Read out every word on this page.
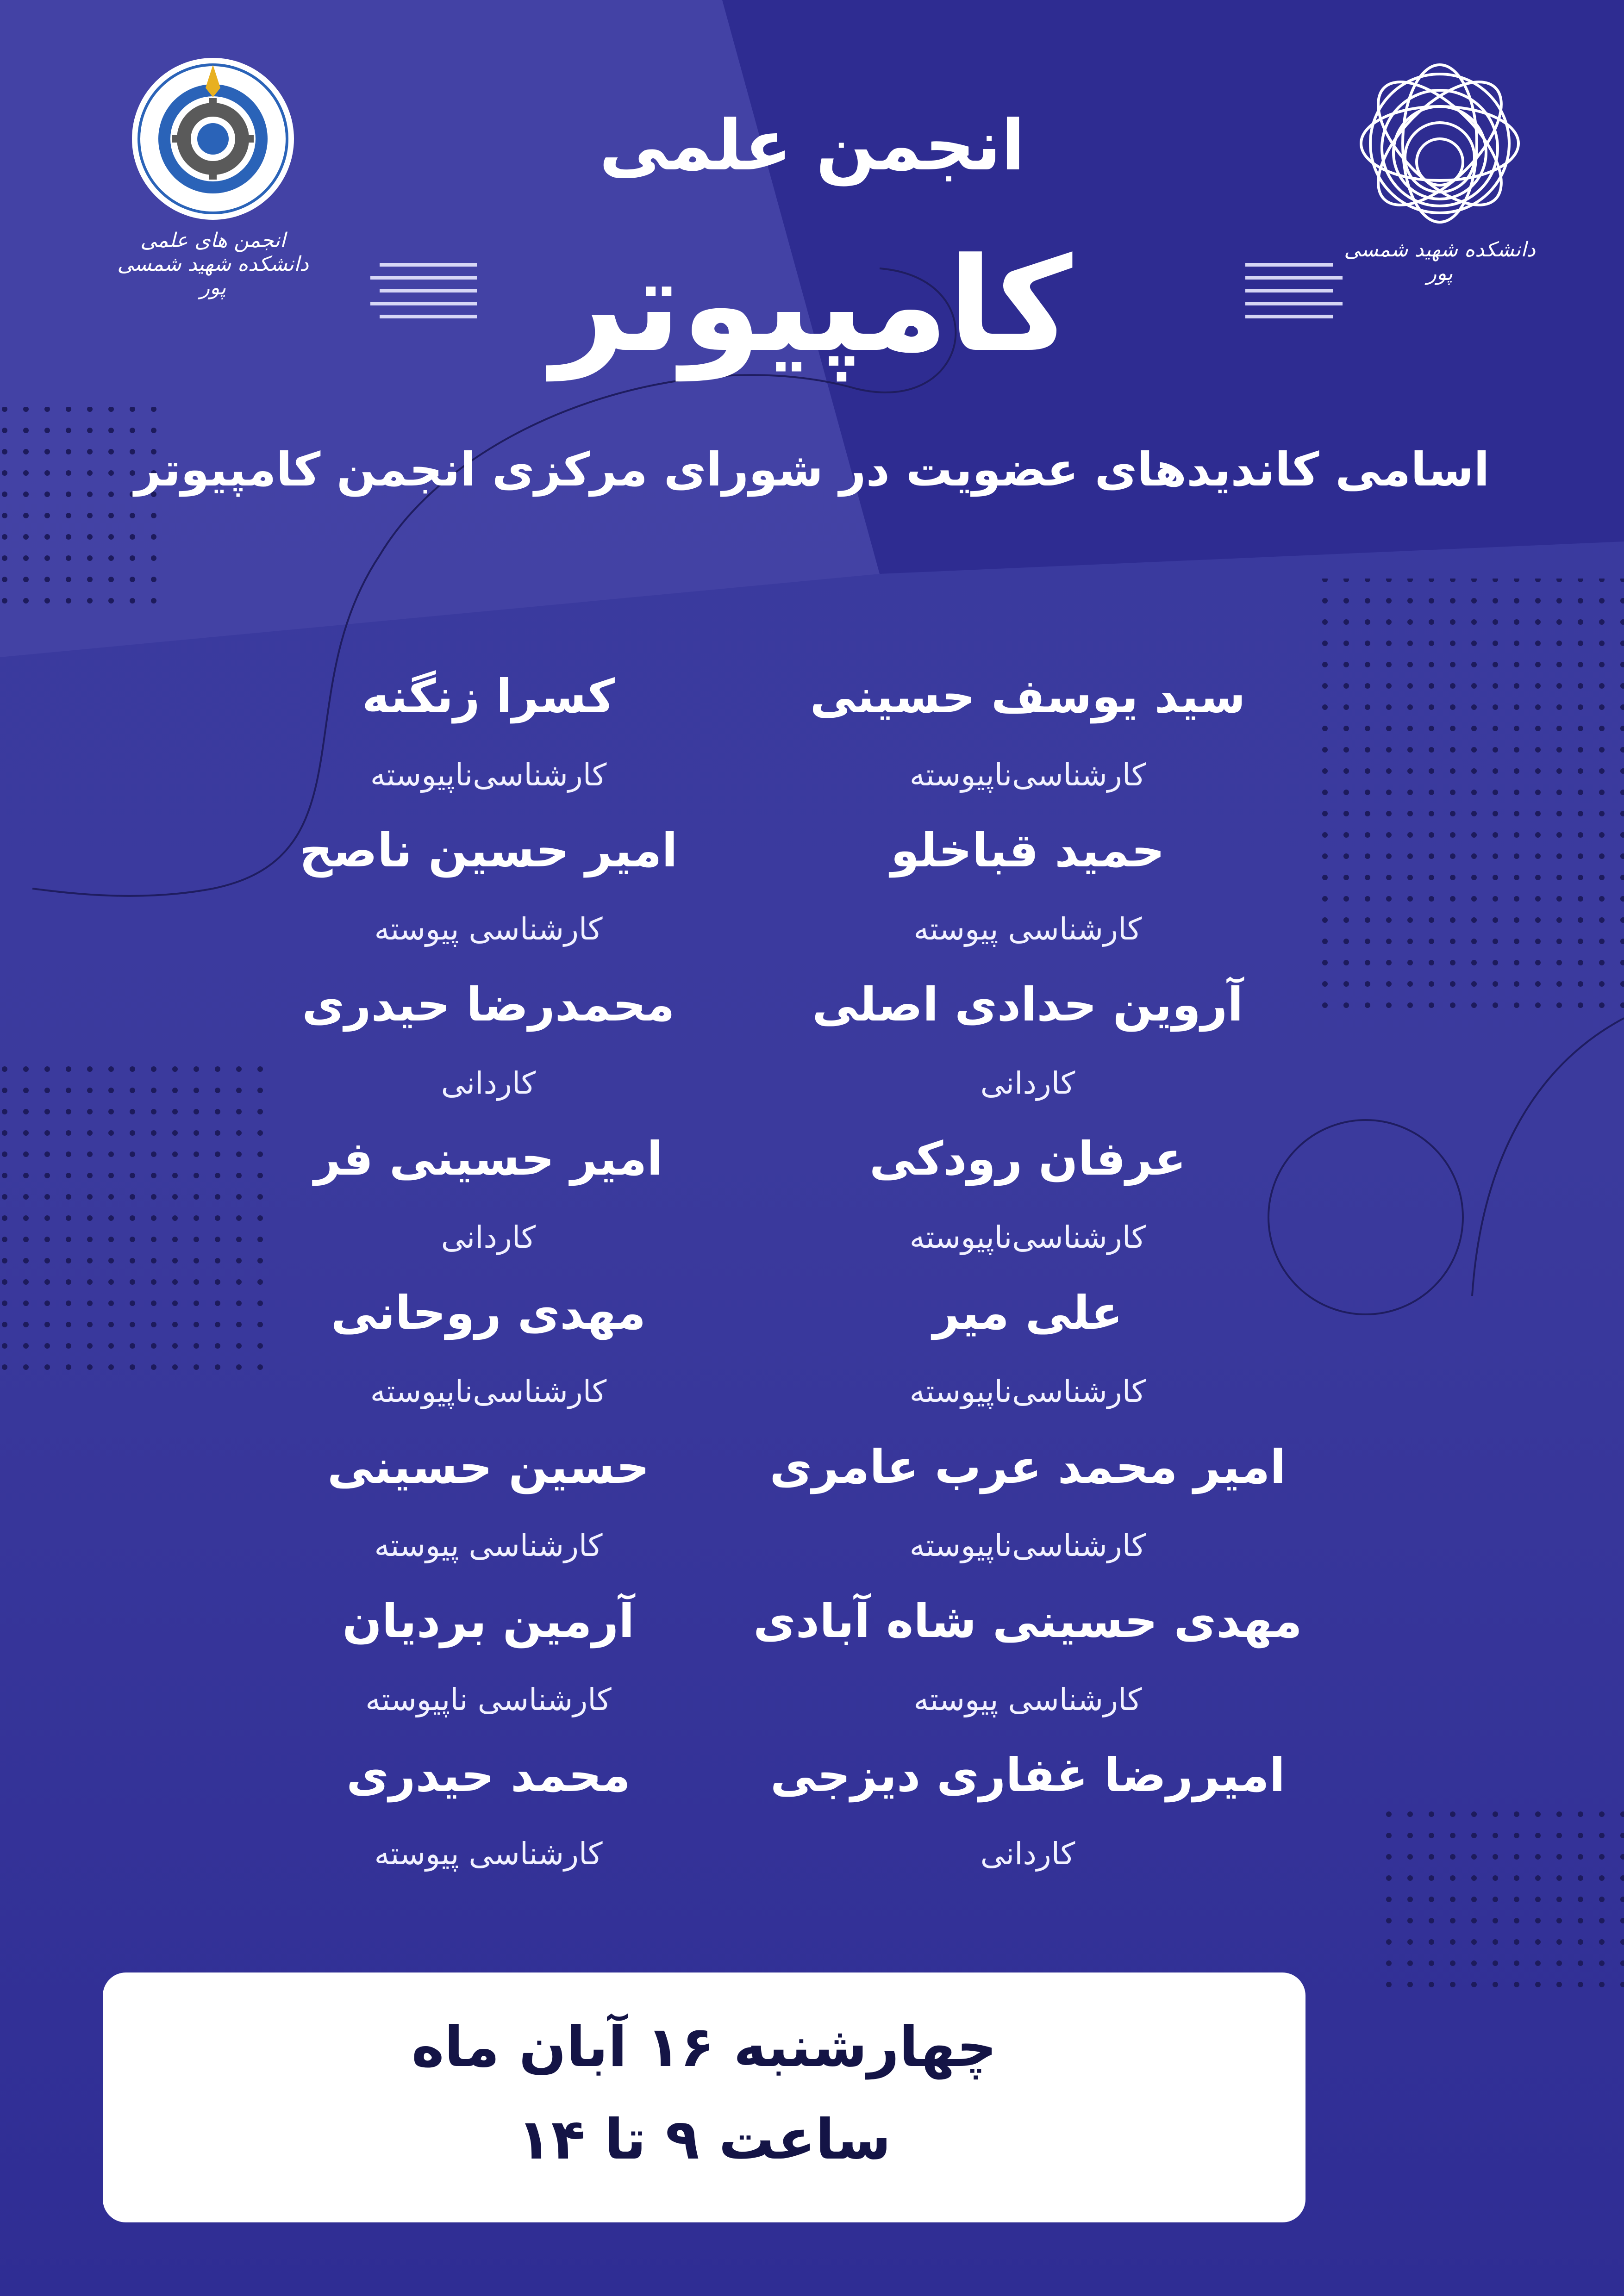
انجمن های علمی دانشکده شهید شمسی پور
دانشکده شهید شمسی پور
انجمن علمی
کامپیوتر
اسامی کاندیدهای عضویت در شورای مرکزی انجمن کامپیوتر
سید یوسف حسینی
کارشناسی‌ناپیوسته
حمید قباخلو
کارشناسی پیوسته
آروین حدادی اصلی
کاردانی
عرفان رودکی
کارشناسی‌ناپیوسته
علی میر
کارشناسی‌ناپیوسته
امیر محمد عرب عامری
کارشناسی‌ناپیوسته
مهدی حسینی شاه آبادی
کارشناسی پیوسته
امیررضا غفاری دیزجی
کاردانی
کسرا زنگنه
کارشناسی‌ناپیوسته
امیر حسین ناصح
کارشناسی پیوسته
محمدرضا حیدری
کاردانی
امیر حسینی فر
کاردانی
مهدی روحانی
کارشناسی‌ناپیوسته
حسین حسینی
کارشناسی پیوسته
آرمین بردیان
کارشناسی ناپیوسته
محمد حیدری
کارشناسی پیوسته
چهارشنبه ۱۶ آبان ماه
ساعت ۹ تا ۱۴
